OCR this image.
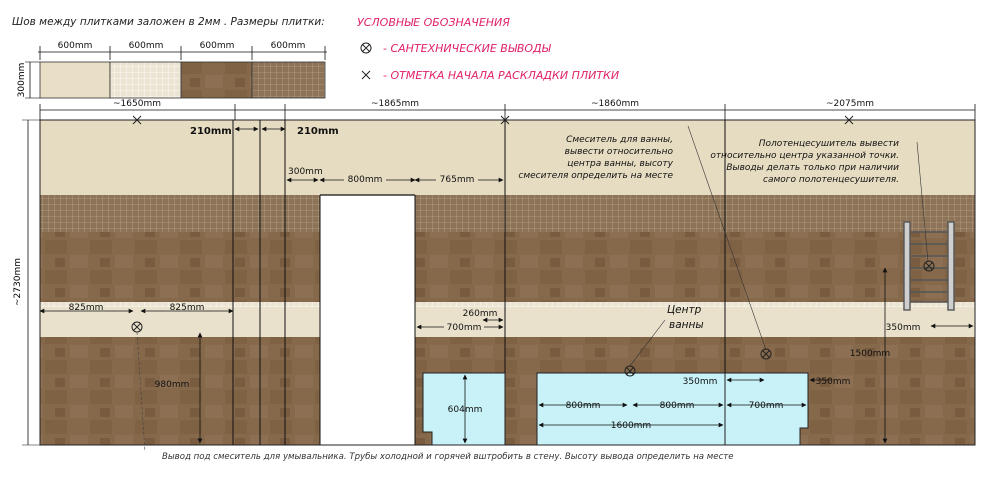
Шов между плитками заложен в 2мм . Размеры плитки:
600mm	600mm	600mm	600mm
300mm
УСЛОВНЫЕ ОБОЗНАЧЕНИЯ
- САНТЕХНИЧЕСКИЕ ВЫВОДЫ
- ОТМЕТКА НАЧАЛА РАСКЛАДКИ ПЛИТКИ
~1650mm	~1865mm	~1860mm	~2075mm
~2730mm
210mm	210mm
300mm
800mm	765mm
825mm	825mm
980mm
260mm
700mm
604mm
Центр
ванны
Смеситель для ванны,
вывести относительно
центра ванны, высоту
смесителя определить на месте
350mm
800mm	800mm	700mm
1600mm
Полотенцесушитель вывести
относительно центра указанной точки.
Выводы делать только при наличии
самого полотенцесушителя.
1500mm
350mm
350mm
Вывод под смеситель для умывальника. Трубы холодной и горячей вштробить в стену. Высоту вывода определить на месте
